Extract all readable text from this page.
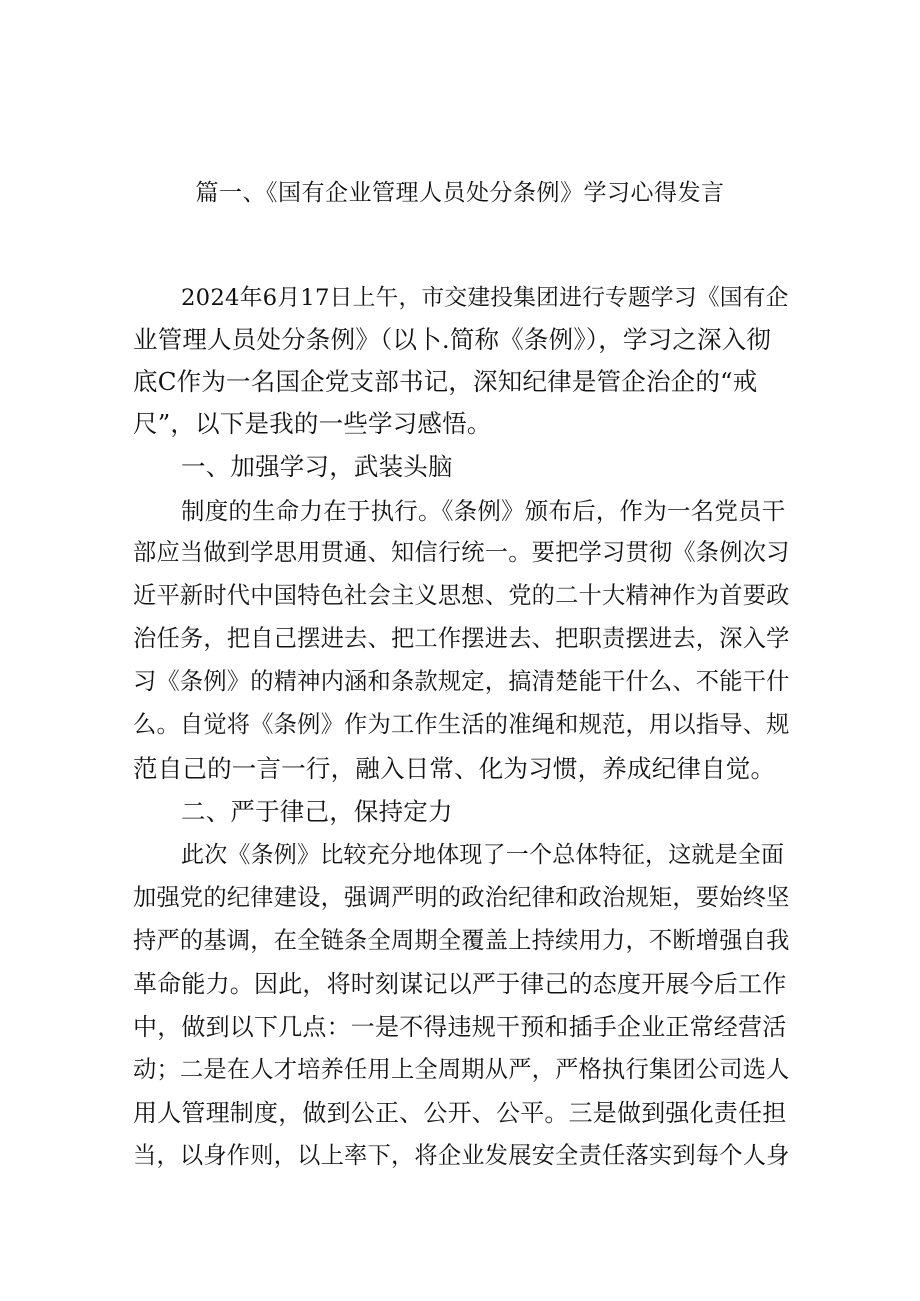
篇一、《国有企业管理人员处分条例》学习心得发言
2024年6月17日上午，市交建投集团进行专题学习《国有企
业管理人员处分条例》（以卜.简称《条例》），学习之深入彻
底C作为一名国企党支部书记，深知纪律是管企治企的“戒
尺”，以下是我的一些学习感悟。
一、加强学习，武装头脑
制度的生命力在于执行。《条例》颁布后，作为一名党员干
部应当做到学思用贯通、知信行统一。要把学习贯彻《条例次习
近平新时代中国特色社会主义思想、党的二十大精神作为首要政
治任务，把自己摆进去、把工作摆进去、把职责摆进去，深入学
习《条例》的精神内涵和条款规定，搞清楚能干什么、不能干什
么。自觉将《条例》作为工作生活的准绳和规范，用以指导、规
范自己的一言一行，融入日常、化为习惯，养成纪律自觉。
二、严于律己，保持定力
此次《条例》比较充分地体现了一个总体特征，这就是全面
加强党的纪律建设，强调严明的政治纪律和政治规矩，要始终坚
持严的基调，在全链条全周期全覆盖上持续用力，不断增强自我
革命能力。因此，将时刻谋记以严于律己的态度开展今后工作
中，做到以下几点：一是不得违规干预和插手企业正常经营活
动；二是在人才培养任用上全周期从严，严格执行集团公司选人
用人管理制度，做到公正、公开、公平。三是做到强化责任担
当，以身作则，以上率下，将企业发展安全责任落实到每个人身
